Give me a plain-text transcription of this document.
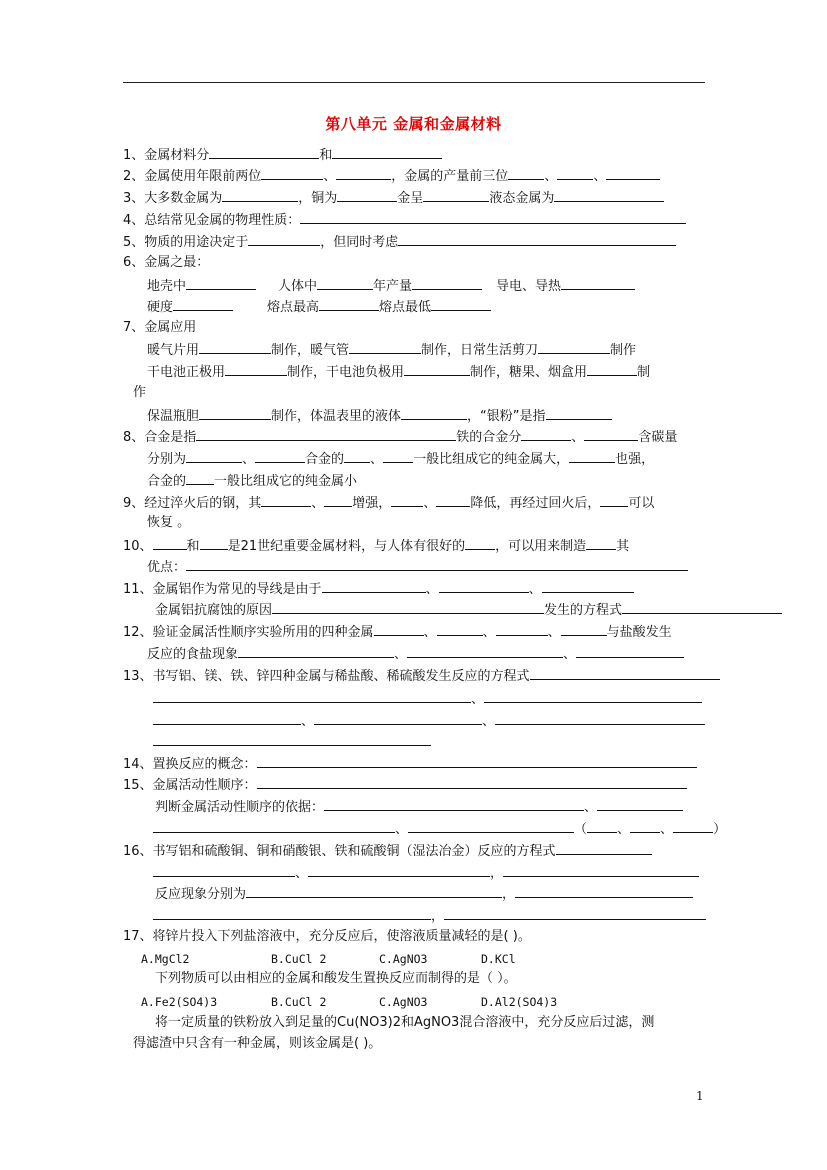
第八单元 金属和金属材料
1、金属材料分	和
2、金属使用年限前两位	、	，金属的产量前三位	、	、
3、大多数金属为	，铜为	金呈	液态金属为
4、总结常见金属的物理性质：
5、物质的用途决定于	，但同时考虑
6、金属之最：
地壳中	人体中	年产量	导电、导热
硬度	熔点最高	熔点最低
7、金属应用
暖气片用	制作，暖气管	制作，日常生活剪刀	制作
干电池正极用	制作，干电池负极用	制作，糖果、烟盒用	制
作
保温瓶胆	制作，体温表里的液体	，“银粉”是指
8、合金是指	铁的合金分	、	含碳量
分别为	、	合金的 、 一般比组成它的纯金属大，	也强，
合金的 一般比组成它的纯金属小
9、经过淬火后的钢，其	、 增强， 、	降低，再经过回火后， 可以
恢复 。
10、	和 是21世纪重要金属材料，与人体有很好的 ，可以用来制造 其
优点：
11、金属铝作为常见的导线是由于	、	、
金属铝抗腐蚀的原因	发生的方程式
12、验证金属活性顺序实验所用的四种金属	、	、	、	与盐酸发生
反应的食盐现象	、	、
13、书写铝、镁、铁、锌四种金属与稀盐酸、稀硫酸发生反应的方程式
、
、	、
14、置换反应的概念：
15、金属活动性顺序：
判断金属活动性顺序的依据：	、
、	（ 、 、	）
16、书写铝和硫酸铜、铜和硝酸银、铁和硫酸铜（湿法冶金）反应的方程式
、	，
反应现象分别为	，
，
17、将锌片投入下列盐溶液中，充分反应后，使溶液质量减轻的是( )。
A.MgCl2	B.CuCl 2	C.AgNO3	D.KCl
下列物质可以由相应的金属和酸发生置换反应而制得的是（ ）。
A.Fe2(SO4)3	B.CuCl 2	C.AgNO3	D.Al2(SO4)3
将一定质量的铁粉放入到足量的Cu(NO3)2和AgNO3混合溶液中，充分反应后过滤，测
得滤渣中只含有一种金属，则该金属是( )。
1
